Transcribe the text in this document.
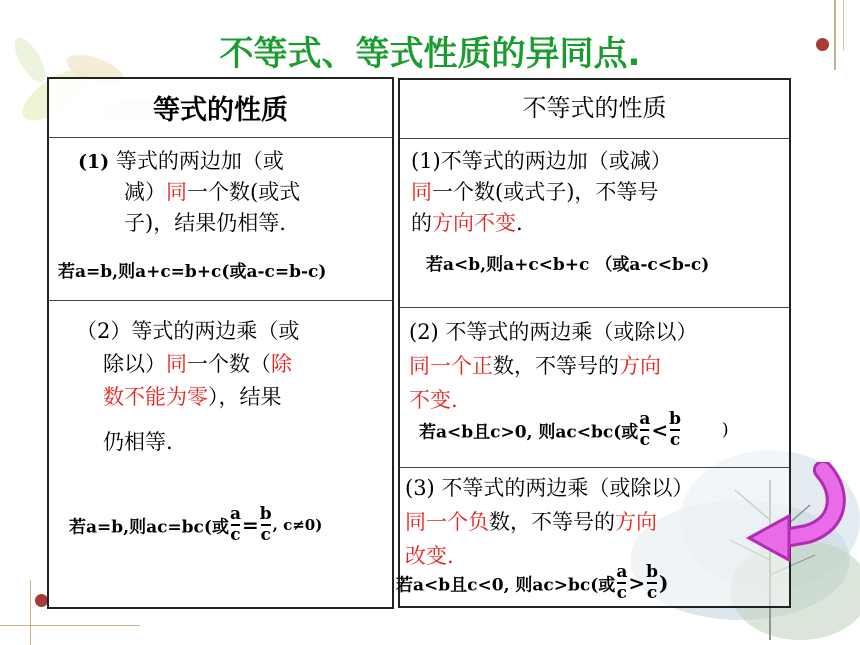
不等式、等式性质的异同点.
等式的性质
(1) 等式的两边加（或
减）同一个数(或式
子)，结果仍相等.
若a=b,则a+c=b+c(或a-c=b-c)
（2）等式的两边乘（或
除以）同一个数（除
数不能为零），结果
仍相等.
若a=b,则ac=bc(或 $\frac{a}{c} = \frac{b}{c}$ , c≠0)
不等式的性质
(1)不等式的两边加（或减）
同一个数(或式子)，不等号
的方向不变.
若a<b,则a+c<b+c （或a-c<b-c)
(2) 不等式的两边乘（或除以）
同一个正数，不等号的方向
不变.
若a<b且c>0, 则ac<bc(或 $\frac{a}{c} < \frac{b}{c}$ )
(3) 不等式的两边乘（或除以）
同一个负数，不等号的方向
改变.
若a<b且c<0, 则ac>bc(或 $\frac{a}{c} > \frac{b}{c}$ )
